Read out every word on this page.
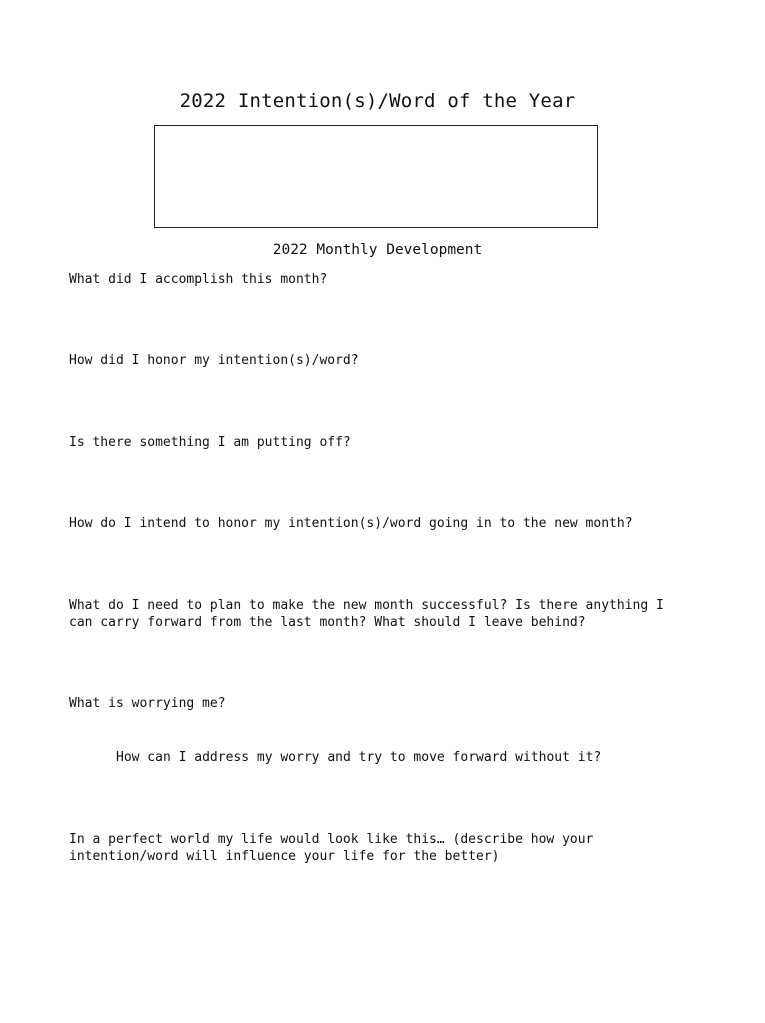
2022 Intention(s)/Word of the Year
2022 Monthly Development
What did I accomplish this month?
How did I honor my intention(s)/word?
Is there something I am putting off?
How do I intend to honor my intention(s)/word going in to the new month?
What do I need to plan to make the new month successful? Is there anything I
can carry forward from the last month? What should I leave behind?
What is worrying me?
How can I address my worry and try to move forward without it?
In a perfect world my life would look like this… (describe how your
intention/word will influence your life for the better)
